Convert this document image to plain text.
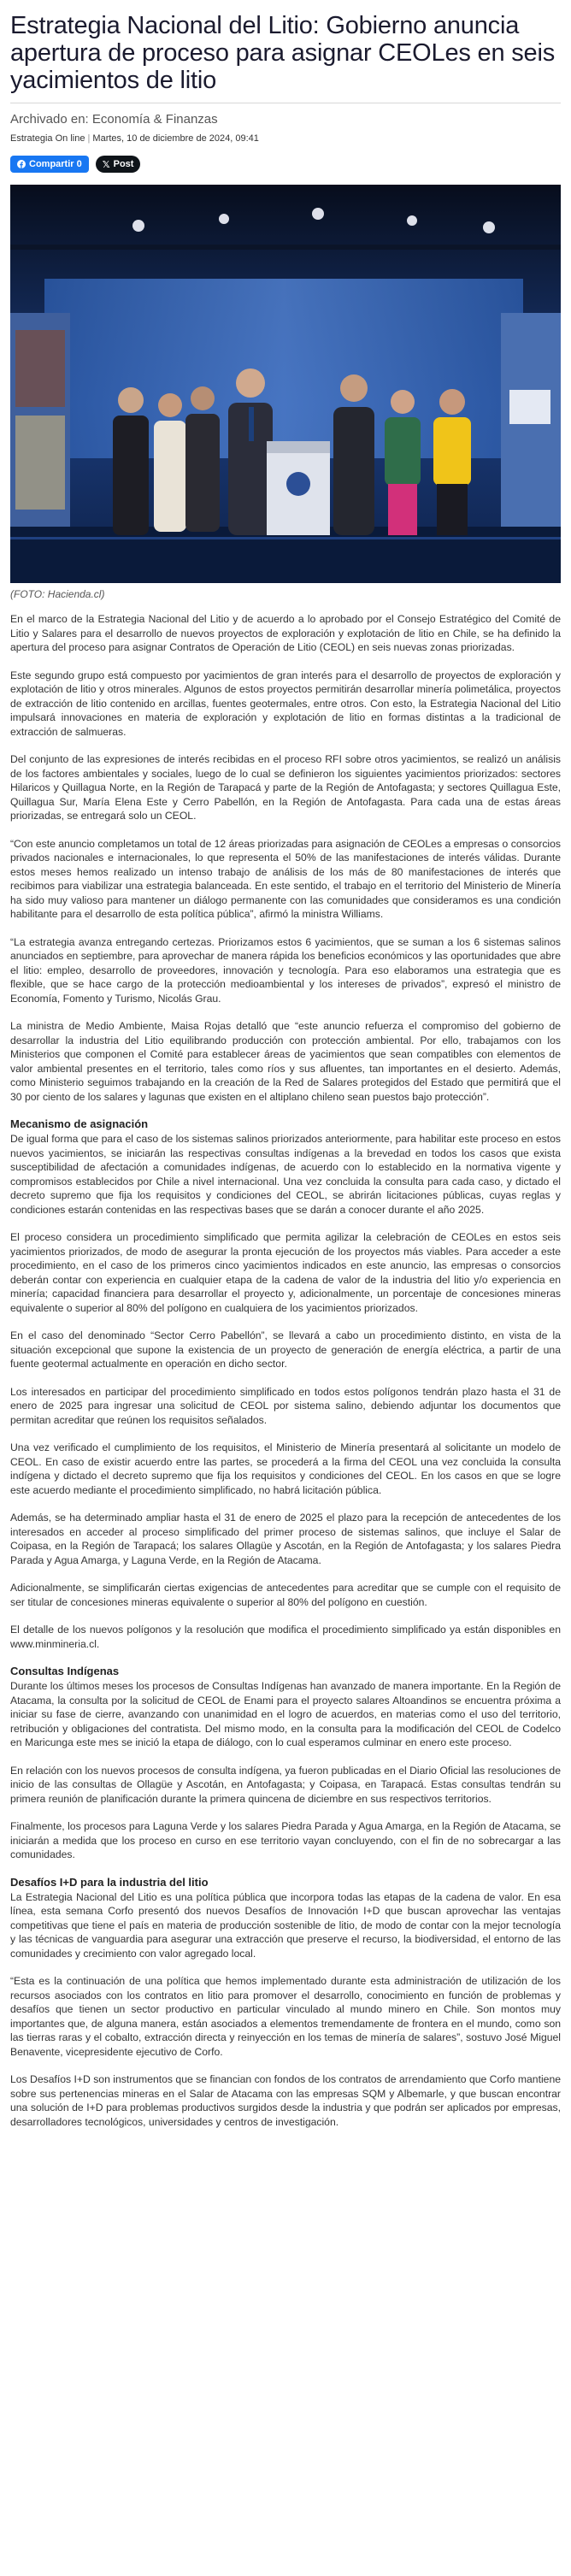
Estrategia Nacional del Litio: Gobierno anuncia apertura de proceso para asignar CEOLes en seis yacimientos de litio
Archivado en: Economía & Finanzas
Estrategia On line | Martes, 10 de diciembre de 2024, 09:41
Compartir 0 𝕏 Post
(FOTO: Hacienda.cl)

En el marco de la Estrategia Nacional del Litio y de acuerdo a lo aprobado por el Consejo Estratégico del Comité de Litio y Salares para el desarrollo de nuevos proyectos de exploración y explotación de litio en Chile, se ha definido la apertura del proceso para asignar Contratos de Operación de Litio (CEOL) en seis nuevas zonas priorizadas.

Este segundo grupo está compuesto por yacimientos de gran interés para el desarrollo de proyectos de exploración y explotación de litio y otros minerales. Algunos de estos proyectos permitirán desarrollar minería polimetálica, proyectos de extracción de litio contenido en arcillas, fuentes geotermales, entre otros. Con esto, la Estrategia Nacional del Litio impulsará innovaciones en materia de exploración y explotación de litio en formas distintas a la tradicional de extracción de salmueras.

Del conjunto de las expresiones de interés recibidas en el proceso RFI sobre otros yacimientos, se realizó un análisis de los factores ambientales y sociales, luego de lo cual se definieron los siguientes yacimientos priorizados: sectores Hilaricos y Quillagua Norte, en la Región de Tarapacá y parte de la Región de Antofagasta; y sectores Quillagua Este, Quillagua Sur, María Elena Este y Cerro Pabellón, en la Región de Antofagasta. Para cada una de estas áreas priorizadas, se entregará solo un CEOL.

“Con este anuncio completamos un total de 12 áreas priorizadas para asignación de CEOLes a empresas o consorcios privados nacionales e internacionales, lo que representa el 50% de las manifestaciones de interés válidas. Durante estos meses hemos realizado un intenso trabajo de análisis de los más de 80 manifestaciones de interés que recibimos para viabilizar una estrategia balanceada. En este sentido, el trabajo en el territorio del Ministerio de Minería ha sido muy valioso para mantener un diálogo permanente con las comunidades que consideramos es una condición habilitante para el desarrollo de esta política pública”, afirmó la ministra Williams.

“La estrategia avanza entregando certezas. Priorizamos estos 6 yacimientos, que se suman a los 6 sistemas salinos anunciados en septiembre, para aprovechar de manera rápida los beneficios económicos y las oportunidades que abre el litio: empleo, desarrollo de proveedores, innovación y tecnología. Para eso elaboramos una estrategia que es flexible, que se hace cargo de la protección medioambiental y los intereses de privados”, expresó el ministro de Economía, Fomento y Turismo, Nicolás Grau.

La ministra de Medio Ambiente, Maisa Rojas detalló que “este anuncio refuerza el compromiso del gobierno de desarrollar la industria del Litio equilibrando producción con protección ambiental. Por ello, trabajamos con los Ministerios que componen el Comité para establecer áreas de yacimientos que sean compatibles con elementos de valor ambiental presentes en el territorio, tales como ríos y sus afluentes, tan importantes en el desierto. Además, como Ministerio seguimos trabajando en la creación de la Red de Salares protegidos del Estado que permitirá que el 30 por ciento de los salares y lagunas que existen en el altiplano chileno sean puestos bajo protección”.

Mecanismo de asignación

De igual forma que para el caso de los sistemas salinos priorizados anteriormente, para habilitar este proceso en estos nuevos yacimientos, se iniciarán las respectivas consultas indígenas a la brevedad en todos los casos que exista susceptibilidad de afectación a comunidades indígenas, de acuerdo con lo establecido en la normativa vigente y compromisos establecidos por Chile a nivel internacional. Una vez concluida la consulta para cada caso, y dictado el decreto supremo que fija los requisitos y condiciones del CEOL, se abrirán licitaciones públicas, cuyas reglas y condiciones estarán contenidas en las respectivas bases que se darán a conocer durante el año 2025.

El proceso considera un procedimiento simplificado que permita agilizar la celebración de CEOLes en estos seis yacimientos priorizados, de modo de asegurar la pronta ejecución de los proyectos más viables. Para acceder a este procedimiento, en el caso de los primeros cinco yacimientos indicados en este anuncio, las empresas o consorcios deberán contar con experiencia en cualquier etapa de la cadena de valor de la industria del litio y/o experiencia en minería; capacidad financiera para desarrollar el proyecto y, adicionalmente, un porcentaje de concesiones mineras equivalente o superior al 80% del polígono en cualquiera de los yacimientos priorizados.

En el caso del denominado “Sector Cerro Pabellón”, se llevará a cabo un procedimiento distinto, en vista de la situación excepcional que supone la existencia de un proyecto de generación de energía eléctrica, a partir de una fuente geotermal actualmente en operación en dicho sector.

Los interesados en participar del procedimiento simplificado en todos estos polígonos tendrán plazo hasta el 31 de enero de 2025 para ingresar una solicitud de CEOL por sistema salino, debiendo adjuntar los documentos que permitan acreditar que reúnen los requisitos señalados.

Una vez verificado el cumplimiento de los requisitos, el Ministerio de Minería presentará al solicitante un modelo de CEOL. En caso de existir acuerdo entre las partes, se procederá a la firma del CEOL una vez concluida la consulta indígena y dictado el decreto supremo que fija los requisitos y condiciones del CEOL. En los casos en que se logre este acuerdo mediante el procedimiento simplificado, no habrá licitación pública.

Además, se ha determinado ampliar hasta el 31 de enero de 2025 el plazo para la recepción de antecedentes de los interesados en acceder al proceso simplificado del primer proceso de sistemas salinos, que incluye el Salar de Coipasa, en la Región de Tarapacá; los salares Ollagüe y Ascotán, en la Región de Antofagasta; y los salares Piedra Parada y Agua Amarga, y Laguna Verde, en la Región de Atacama.

Adicionalmente, se simplificarán ciertas exigencias de antecedentes para acreditar que se cumple con el requisito de ser titular de concesiones mineras equivalente o superior al 80% del polígono en cuestión.

El detalle de los nuevos polígonos y la resolución que modifica el procedimiento simplificado ya están disponibles en www.minmineria.cl.

Consultas Indígenas

Durante los últimos meses los procesos de Consultas Indígenas han avanzado de manera importante. En la Región de Atacama, la consulta por la solicitud de CEOL de Enami para el proyecto salares Altoandinos se encuentra próxima a iniciar su fase de cierre, avanzando con unanimidad en el logro de acuerdos, en materias como el uso del territorio, retribución y obligaciones del contratista. Del mismo modo, en la consulta para la modificación del CEOL de Codelco en Maricunga este mes se inició la etapa de diálogo, con lo cual esperamos culminar en enero este proceso.

En relación con los nuevos procesos de consulta indígena, ya fueron publicadas en el Diario Oficial las resoluciones de inicio de las consultas de Ollagüe y Ascotán, en Antofagasta; y Coipasa, en Tarapacá. Estas consultas tendrán su primera reunión de planificación durante la primera quincena de diciembre en sus respectivos territorios.

Finalmente, los procesos para Laguna Verde y los salares Piedra Parada y Agua Amarga, en la Región de Atacama, se iniciarán a medida que los proceso en curso en ese territorio vayan concluyendo, con el fin de no sobrecargar a las comunidades.

Desafíos I+D para la industria del litio

La Estrategia Nacional del Litio es una política pública que incorpora todas las etapas de la cadena de valor. En esa línea, esta semana Corfo presentó dos nuevos Desafíos de Innovación I+D que buscan aprovechar las ventajas competitivas que tiene el país en materia de producción sostenible de litio, de modo de contar con la mejor tecnología y las técnicas de vanguardia para asegurar una extracción que preserve el recurso, la biodiversidad, el entorno de las comunidades y crecimiento con valor agregado local.

“Esta es la continuación de una política que hemos implementado durante esta administración de utilización de los recursos asociados con los contratos en litio para promover el desarrollo, conocimiento en función de problemas y desafíos que tienen un sector productivo en particular vinculado al mundo minero en Chile. Son montos muy importantes que, de alguna manera, están asociados a elementos tremendamente de frontera en el mundo, como son las tierras raras y el cobalto, extracción directa y reinyección en los temas de minería de salares”, sostuvo José Miguel Benavente, vicepresidente ejecutivo de Corfo.

Los Desafíos I+D son instrumentos que se financian con fondos de los contratos de arrendamiento que Corfo mantiene sobre sus pertenencias mineras en el Salar de Atacama con las empresas SQM y Albemarle, y que buscan encontrar una solución de I+D para problemas productivos surgidos desde la industria y que podrán ser aplicados por empresas, desarrolladores tecnológicos, universidades y centros de investigación.
